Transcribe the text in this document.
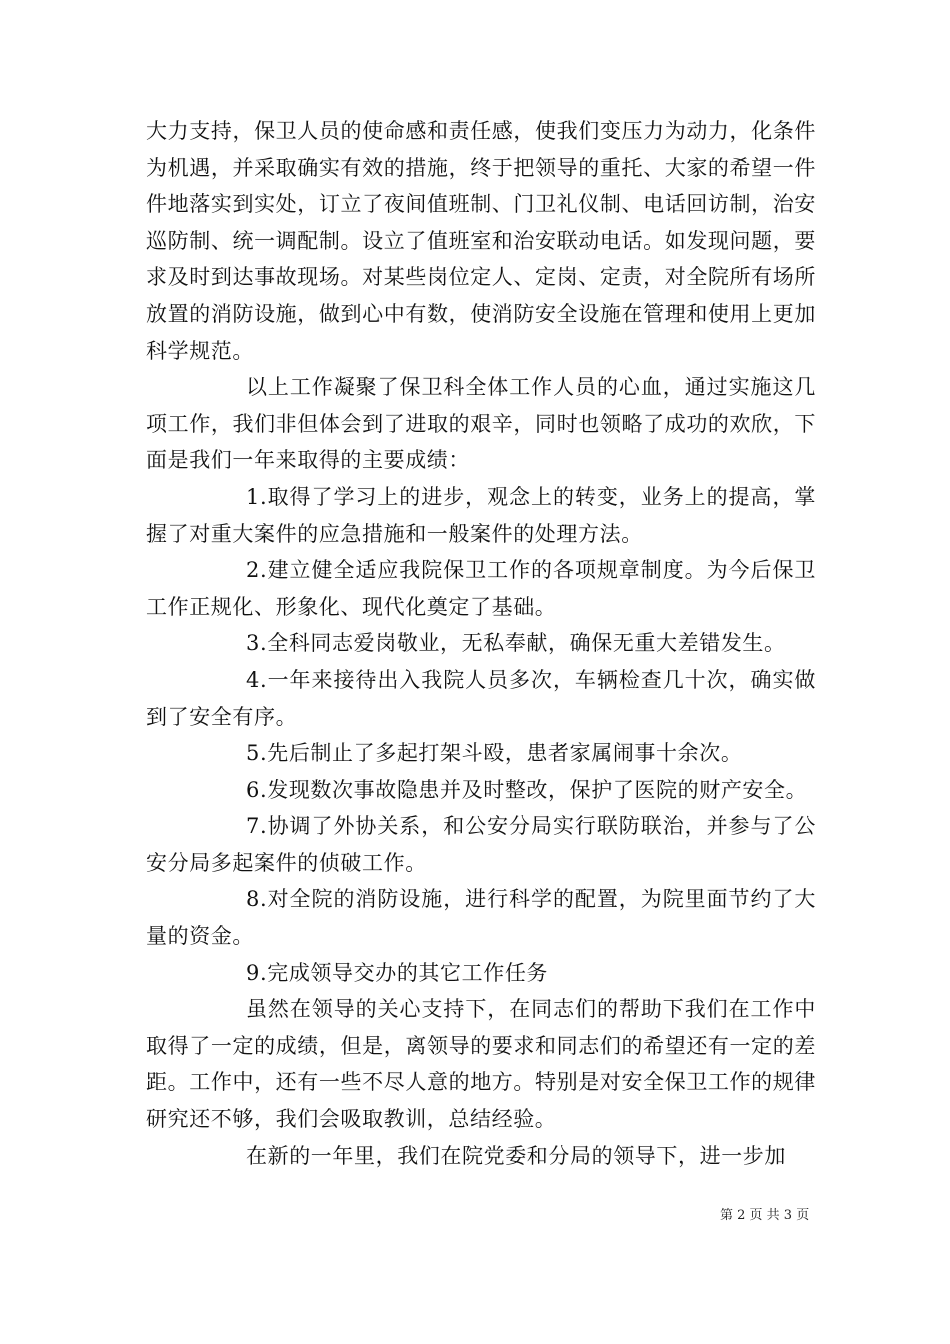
大力支持，保卫人员的使命感和责任感，使我们变压力为动力，化条件为机遇，并采取确实有效的措施，终于把领导的重托、大家的希望一件件地落实到实处，订立了夜间值班制、门卫礼仪制、电话回访制，治安巡防制、统一调配制。设立了值班室和治安联动电话。如发现问题，要求及时到达事故现场。对某些岗位定人、定岗、定责，对全院所有场所放置的消防设施，做到心中有数，使消防安全设施在管理和使用上更加科学规范。

以上工作凝聚了保卫科全体工作人员的心血，通过实施这几项工作，我们非但体会到了进取的艰辛，同时也领略了成功的欢欣，下面是我们一年来取得的主要成绩：

1.取得了学习上的进步，观念上的转变，业务上的提高，掌握了对重大案件的应急措施和一般案件的处理方法。

2.建立健全适应我院保卫工作的各项规章制度。为今后保卫工作正规化、形象化、现代化奠定了基础。

3.全科同志爱岗敬业，无私奉献，确保无重大差错发生。

4.一年来接待出入我院人员多次，车辆检查几十次，确实做到了安全有序。

5.先后制止了多起打架斗殴，患者家属闹事十余次。

6.发现数次事故隐患并及时整改，保护了医院的财产安全。

7.协调了外协关系，和公安分局实行联防联治，并参与了公安分局多起案件的侦破工作。

8.对全院的消防设施，进行科学的配置，为院里面节约了大量的资金。

9.完成领导交办的其它工作任务

虽然在领导的关心支持下，在同志们的帮助下我们在工作中取得了一定的成绩，但是，离领导的要求和同志们的希望还有一定的差距。工作中，还有一些不尽人意的地方。特别是对安全保卫工作的规律研究还不够，我们会吸取教训，总结经验。

在新的一年里，我们在院党委和分局的领导下，进一步加

第 2 页 共 3 页
